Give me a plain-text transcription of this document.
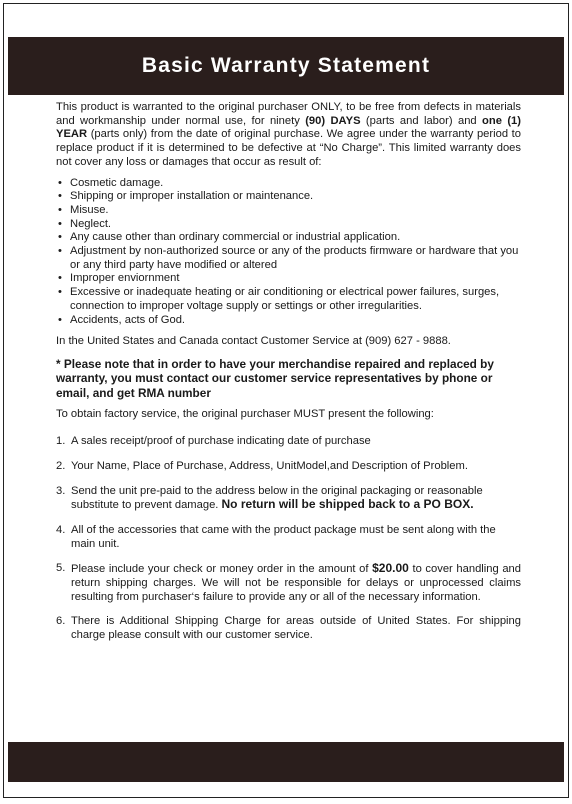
Basic Warranty Statement

This product is warranted to the original purchaser ONLY, to be free from defects in materials and workmanship under normal use, for ninety (90) DAYS (parts and labor) and one (1) YEAR (parts only) from the date of original purchase. We agree under the warranty period to replace product if it is determined to be defective at “No Charge”. This limited warranty does not cover any loss or damages that occur as result of:

• Cosmetic damage.
• Shipping or improper installation or maintenance.
• Misuse.
• Neglect.
• Any cause other than ordinary commercial or industrial application.
• Adjustment by non-authorized source or any of the products firmware or hardware that you or any third party have modified or altered
• Improper enviornment
• Excessive or inadequate heating or air conditioning or electrical power failures, surges, connection to improper voltage supply or settings or other irregularities.
• Accidents, acts of God.

In the United States and Canada contact Customer Service at (909) 627 - 9888.

* Please note that in order to have your merchandise repaired and replaced by warranty, you must contact our customer service representatives by phone or email, and get RMA number

To obtain factory service, the original purchaser MUST present the following:

1. A sales receipt/proof of purchase indicating date of purchase
2. Your Name, Place of Purchase, Address, UnitModel,and Description of Problem.
3. Send the unit pre-paid to the address below in the original packaging or reasonable substitute to prevent damage. No return will be shipped back to a PO BOX.
4. All of the accessories that came with the product package must be sent along with the main unit.
5. Please include your check or money order in the amount of $20.00 to cover handling and return shipping charges. We will not be responsible for delays or unprocessed claims resulting from purchaser‘s failure to provide any or all of the necessary information.
6. There is Additional Shipping Charge for areas outside of United States. For shipping charge please consult with our customer service.
